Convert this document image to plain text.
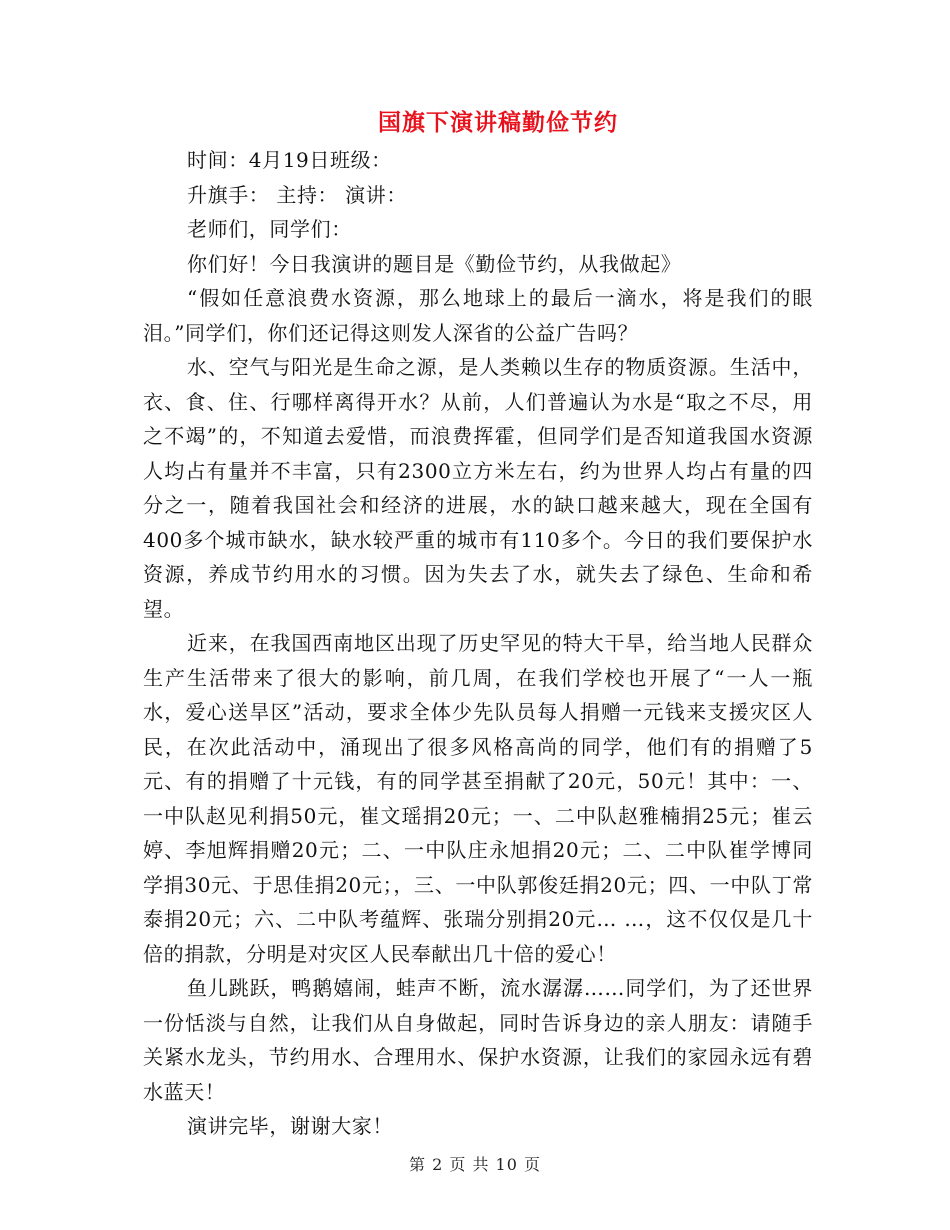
国旗下演讲稿勤俭节约

时间：4月19日班级：

升旗手： 主持： 演讲：

老师们，同学们：

你们好！今日我演讲的题目是《勤俭节约，从我做起》

“假如任意浪费水资源，那么地球上的最后一滴水，将是我们的眼泪。”同学们，你们还记得这则发人深省的公益广告吗？

水、空气与阳光是生命之源，是人类赖以生存的物质资源。生活中，衣、食、住、行哪样离得开水？从前，人们普遍认为水是“取之不尽，用之不竭”的，不知道去爱惜，而浪费挥霍，但同学们是否知道我国水资源人均占有量并不丰富，只有2300立方米左右，约为世界人均占有量的四分之一，随着我国社会和经济的进展，水的缺口越来越大，现在全国有400多个城市缺水，缺水较严重的城市有110多个。今日的我们要保护水资源，养成节约用水的习惯。因为失去了水，就失去了绿色、生命和希望。

近来，在我国西南地区出现了历史罕见的特大干旱，给当地人民群众生产生活带来了很大的影响，前几周，在我们学校也开展了“一人一瓶水，爱心送旱区”活动，要求全体少先队员每人捐赠一元钱来支援灾区人民，在次此活动中，涌现出了很多风格高尚的同学，他们有的捐赠了5元、有的捐赠了十元钱，有的同学甚至捐献了20元，50元！其中：一、一中队赵见利捐50元，崔文瑶捐20元；一、二中队赵雅楠捐25元；崔云婷、李旭辉捐赠20元；二、一中队庄永旭捐20元；二、二中队崔学博同学捐30元、于思佳捐20元；，三、一中队郭俊廷捐20元；四、一中队丁常泰捐20元；六、二中队考蕴辉、张瑞分别捐20元… …，这不仅仅是几十倍的捐款，分明是对灾区人民奉献出几十倍的爱心！

鱼儿跳跃，鸭鹅嬉闹，蛙声不断，流水潺潺……同学们，为了还世界一份恬淡与自然，让我们从自身做起，同时告诉身边的亲人朋友：请随手关紧水龙头，节约用水、合理用水、保护水资源，让我们的家园永远有碧水蓝天！

演讲完毕，谢谢大家！

第 2 页 共 10 页
